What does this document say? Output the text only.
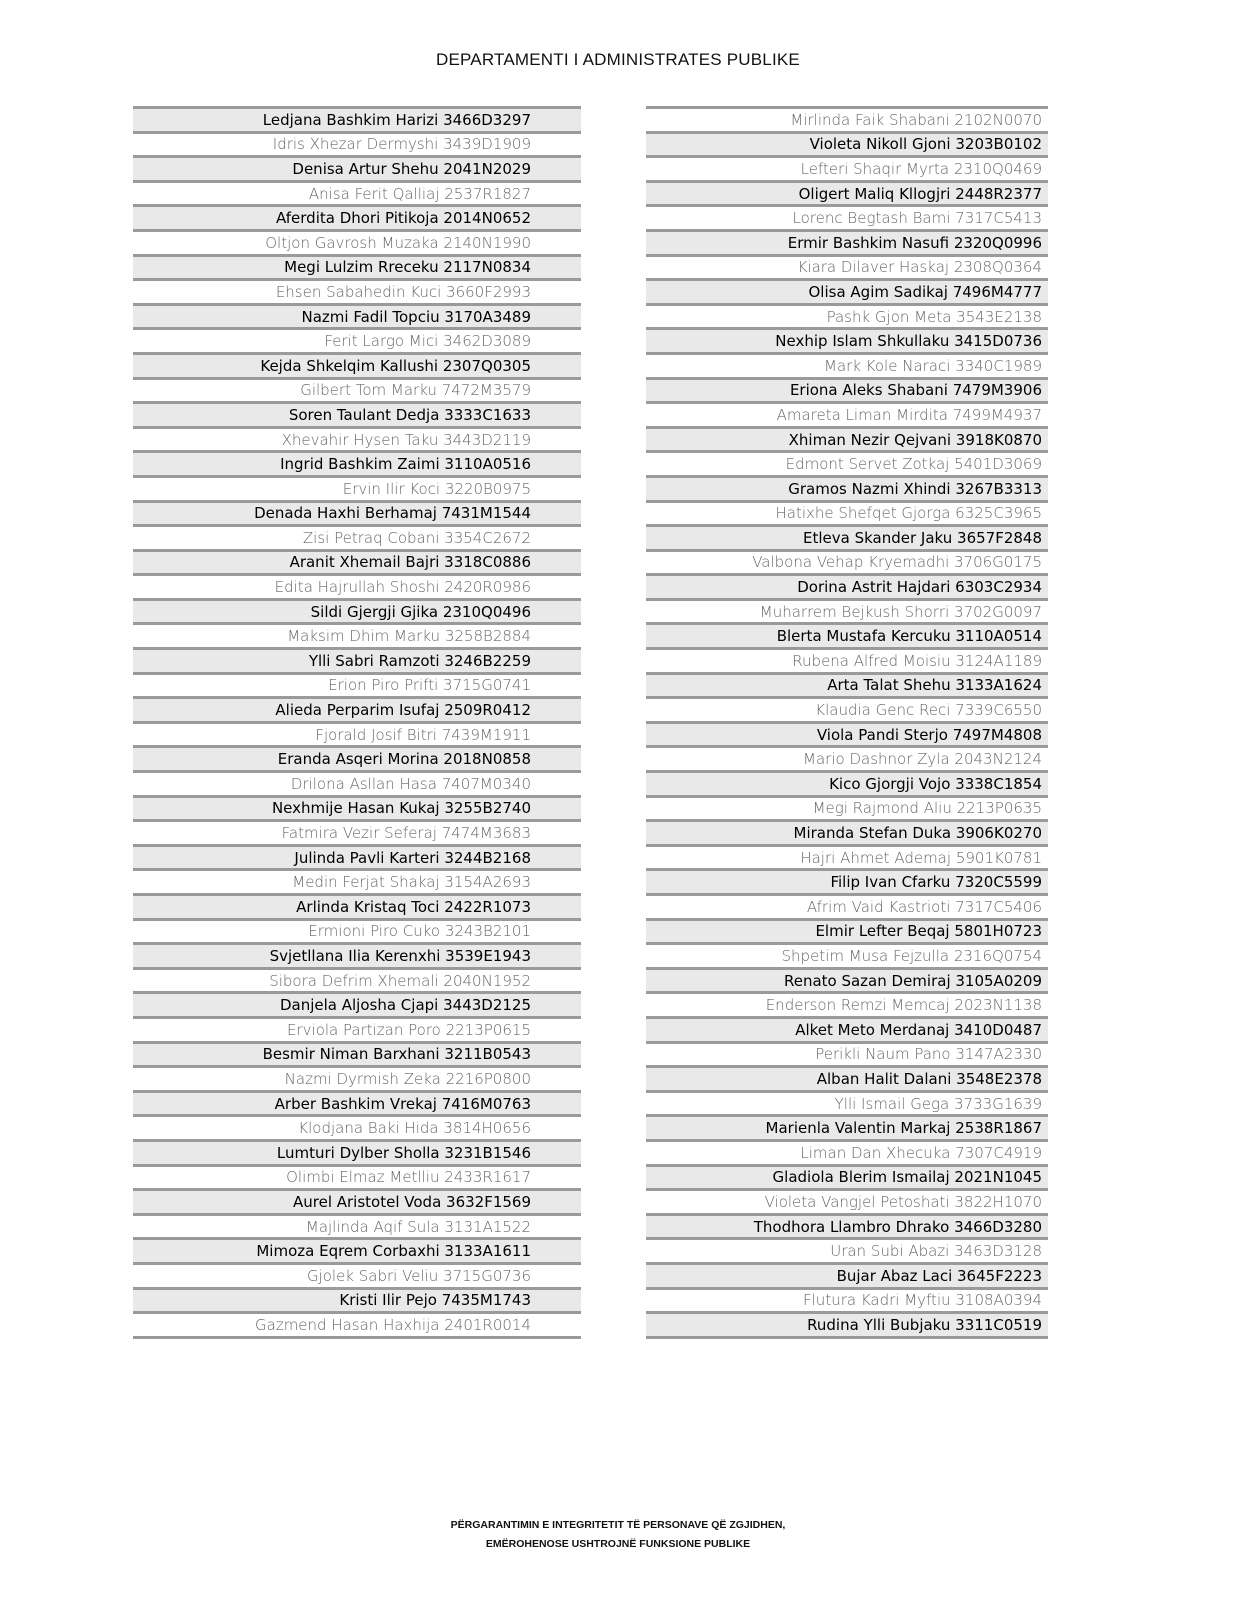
DEPARTAMENTI I ADMINISTRATES PUBLIKE
Ledjana Bashkim Harizi 3466D3297
Idris Xhezar Dermyshi 3439D1909
Denisa Artur Shehu 2041N2029
Anisa Ferit Qalliaj 2537R1827
Aferdita Dhori Pitikoja 2014N0652
Oltjon Gavrosh Muzaka 2140N1990
Megi Lulzim Rreceku 2117N0834
Ehsen Sabahedin Kuci 3660F2993
Nazmi Fadil Topciu 3170A3489
Ferit Largo Mici 3462D3089
Kejda Shkelqim Kallushi 2307Q0305
Gilbert Tom Marku 7472M3579
Soren Taulant Dedja 3333C1633
Xhevahir Hysen Taku 3443D2119
Ingrid Bashkim Zaimi 3110A0516
Ervin Ilir Koci 3220B0975
Denada Haxhi Berhamaj 7431M1544
Zisi Petraq Cobani 3354C2672
Aranit Xhemail Bajri 3318C0886
Edita Hajrullah Shoshi 2420R0986
Sildi Gjergji Gjika 2310Q0496
Maksim Dhim Marku 3258B2884
Ylli Sabri Ramzoti 3246B2259
Erion Piro Prifti 3715G0741
Alieda Perparim Isufaj 2509R0412
Fjorald Josif Bitri 7439M1911
Eranda Asqeri Morina 2018N0858
Drilona Asllan Hasa 7407M0340
Nexhmije Hasan Kukaj 3255B2740
Fatmira Vezir Seferaj 7474M3683
Julinda Pavli Karteri 3244B2168
Medin Ferjat Shakaj 3154A2693
Arlinda Kristaq Toci 2422R1073
Ermioni Piro Cuko 3243B2101
Svjetllana Ilia Kerenxhi 3539E1943
Sibora Defrim Xhemali 2040N1952
Danjela Aljosha Cjapi 3443D2125
Erviola Partizan Poro 2213P0615
Besmir Niman Barxhani 3211B0543
Nazmi Dyrmish Zeka 2216P0800
Arber Bashkim Vrekaj 7416M0763
Klodjana Baki Hida 3814H0656
Lumturi Dylber Sholla 3231B1546
Olimbi Elmaz Metlliu 2433R1617
Aurel Aristotel Voda 3632F1569
Majlinda Aqif Sula 3131A1522
Mimoza Eqrem Corbaxhi 3133A1611
Gjolek Sabri Veliu 3715G0736
Kristi Ilir Pejo 7435M1743
Gazmend Hasan Haxhija 2401R0014
Mirlinda Faik Shabani 2102N0070
Violeta Nikoll Gjoni 3203B0102
Lefteri Shaqir Myrta 2310Q0469
Oligert Maliq Kllogjri 2448R2377
Lorenc Begtash Bami 7317C5413
Ermir Bashkim Nasufi 2320Q0996
Kiara Dilaver Haskaj 2308Q0364
Olisa Agim Sadikaj 7496M4777
Pashk Gjon Meta 3543E2138
Nexhip Islam Shkullaku 3415D0736
Mark Kole Naraci 3340C1989
Eriona Aleks Shabani 7479M3906
Amareta Liman Mirdita 7499M4937
Xhiman Nezir Qejvani 3918K0870
Edmont Servet Zotkaj 5401D3069
Gramos Nazmi Xhindi 3267B3313
Hatixhe Shefqet Gjorga 6325C3965
Etleva Skander Jaku 3657F2848
Valbona Vehap Kryemadhi 3706G0175
Dorina Astrit Hajdari 6303C2934
Muharrem Bejkush Shorri 3702G0097
Blerta Mustafa Kercuku 3110A0514
Rubena Alfred Moisiu 3124A1189
Arta Talat Shehu 3133A1624
Klaudia Genc Reci 7339C6550
Viola Pandi Sterjo 7497M4808
Mario Dashnor Zyla 2043N2124
Kico Gjorgji Vojo 3338C1854
Megi Rajmond Aliu 2213P0635
Miranda Stefan Duka 3906K0270
Hajri Ahmet Ademaj 5901K0781
Filip Ivan Cfarku 7320C5599
Afrim Vaid Kastrioti 7317C5406
Elmir Lefter Beqaj 5801H0723
Shpetim Musa Fejzulla 2316Q0754
Renato Sazan Demiraj 3105A0209
Enderson Remzi Memcaj 2023N1138
Alket Meto Merdanaj 3410D0487
Perikli Naum Pano 3147A2330
Alban Halit Dalani 3548E2378
Ylli Ismail Gega 3733G1639
Marienla Valentin Markaj 2538R1867
Liman Dan Xhecuka 7307C4919
Gladiola Blerim Ismailaj 2021N1045
Violeta Vangjel Petoshati 3822H1070
Thodhora Llambro Dhrako 3466D3280
Uran Subi Abazi 3463D3128
Bujar Abaz Laci 3645F2223
Flutura Kadri Myftiu 3108A0394
Rudina Ylli Bubjaku 3311C0519
PËRGARANTIMIN E INTEGRITETIT TË PERSONAVE QË ZGJIDHEN,
EMËROHENOSE USHTROJNË FUNKSIONE PUBLIKE
